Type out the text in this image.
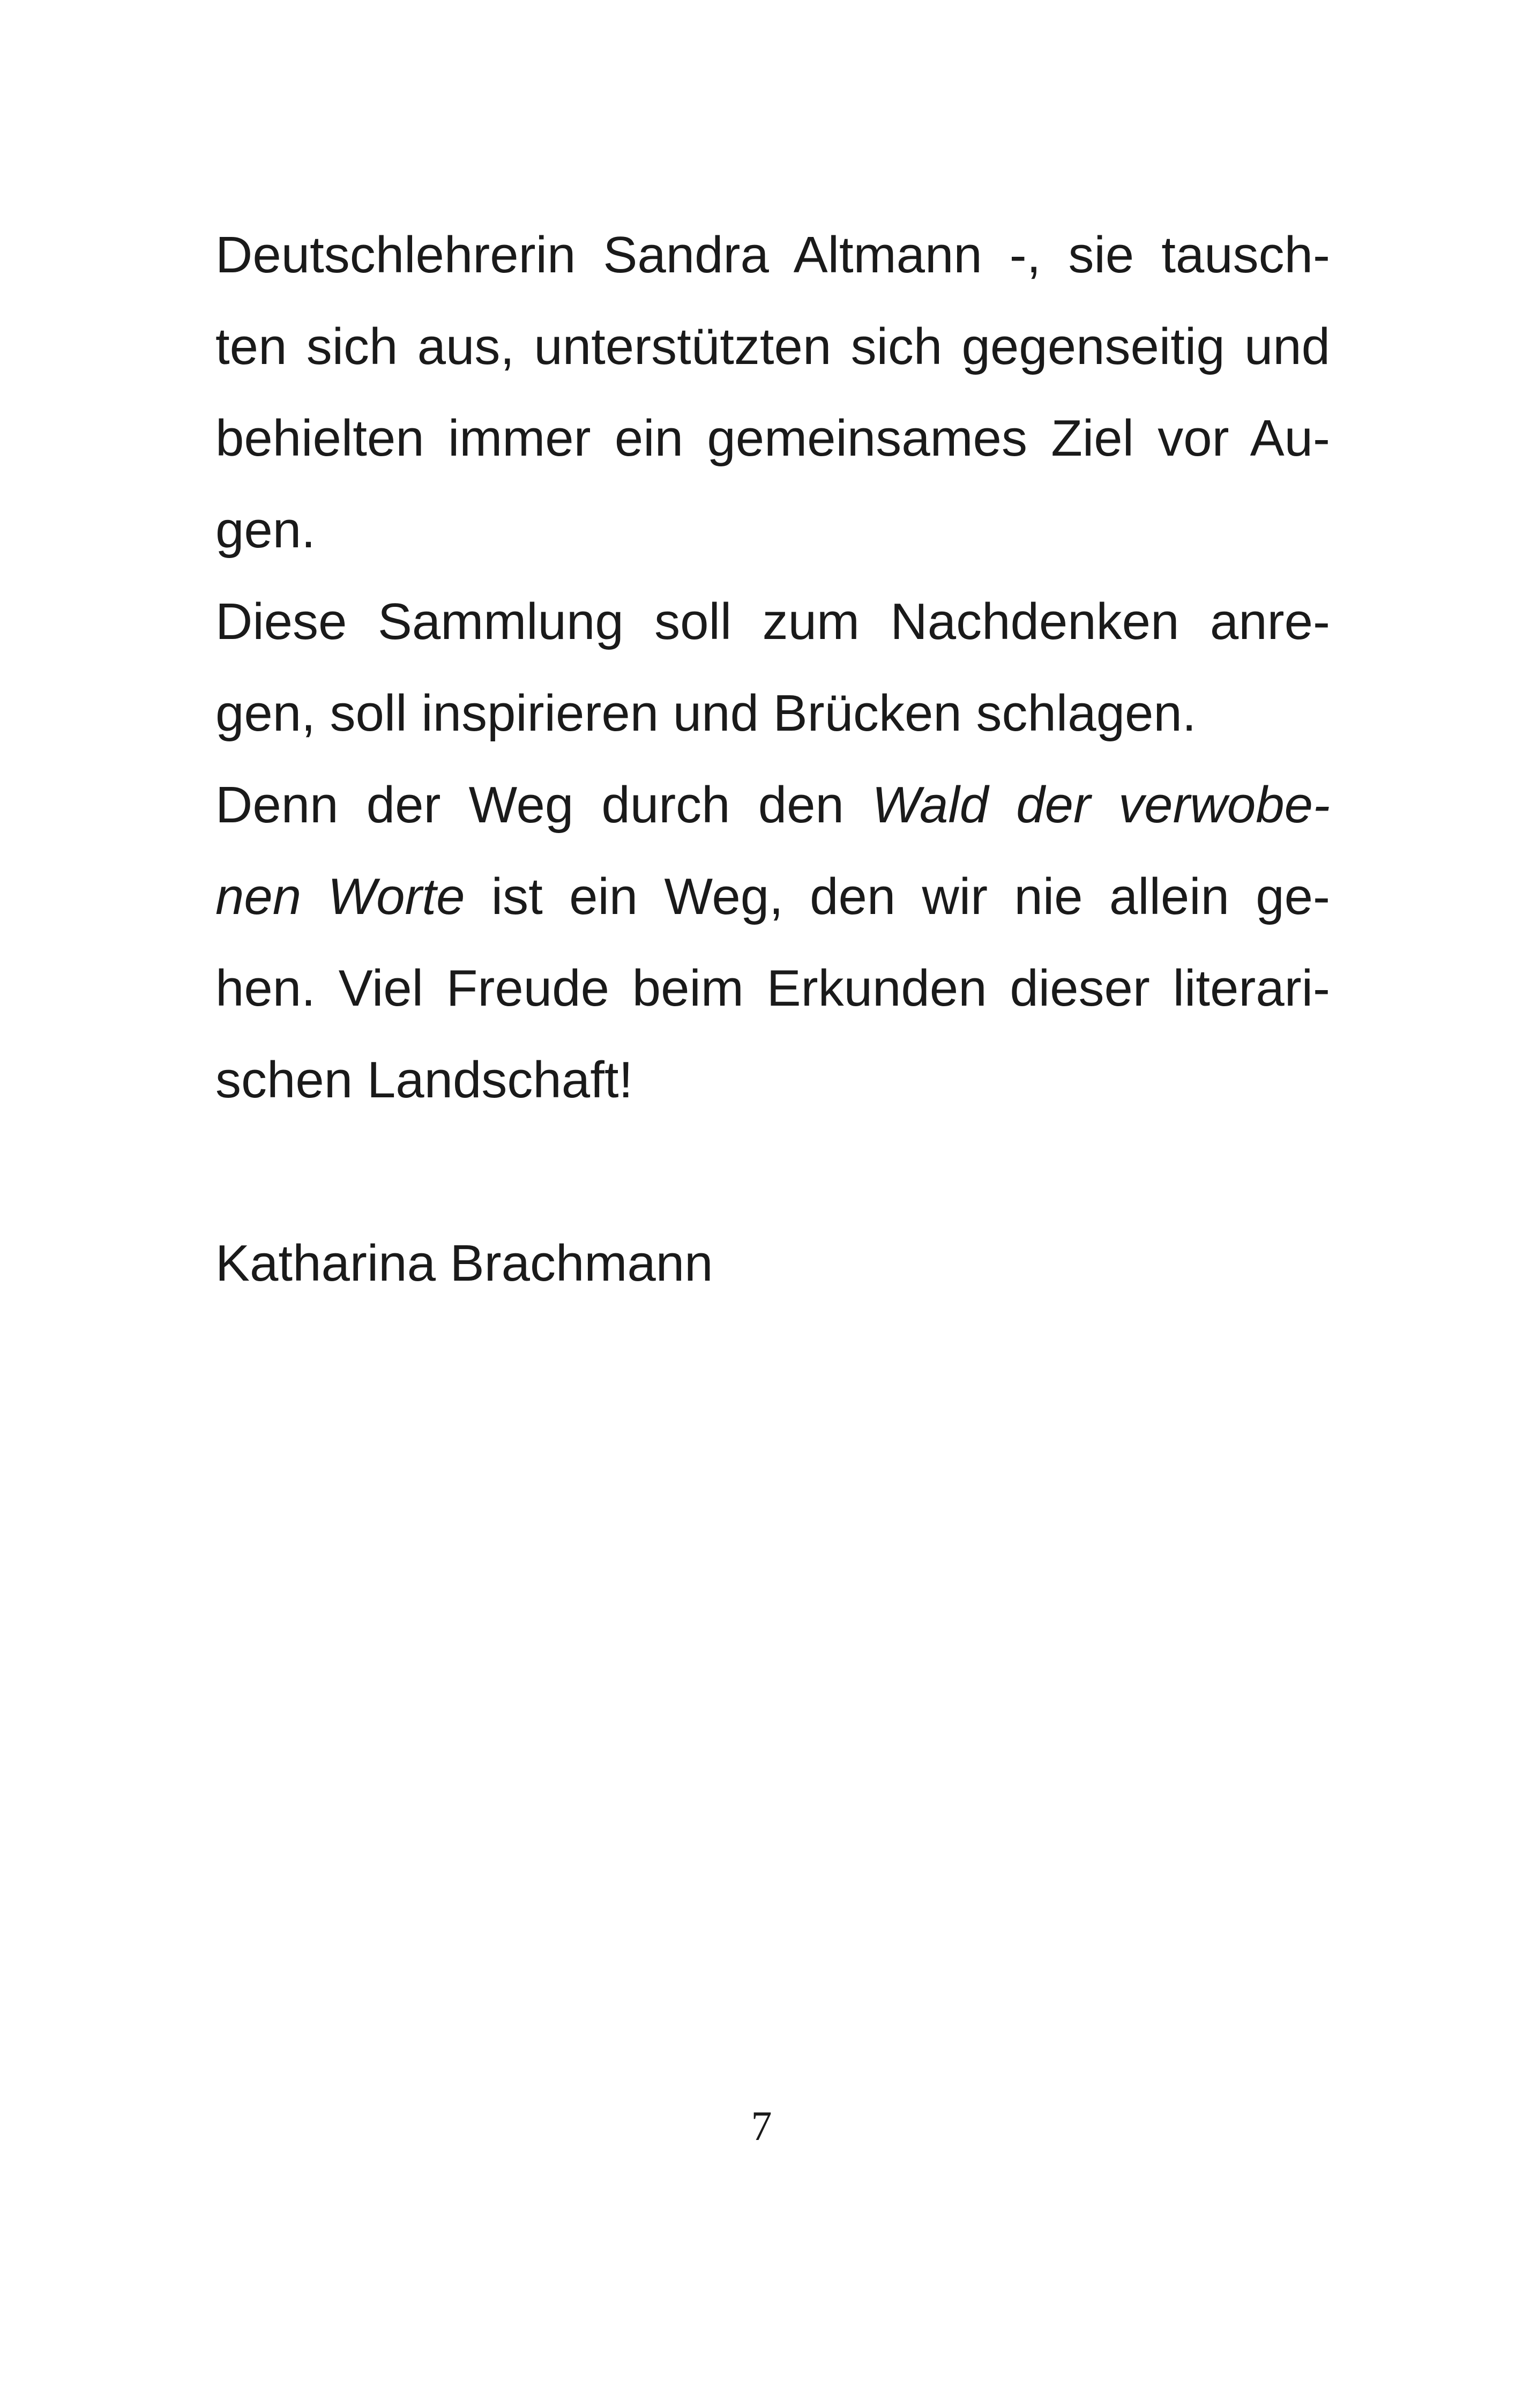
Deutschlehrerin Sandra Altmann -, sie tausch-
ten sich aus, unterstützten sich gegenseitig und
behielten immer ein gemeinsames Ziel vor Au-
gen.
Diese Sammlung soll zum Nachdenken anre-
gen, soll inspirieren und Brücken schlagen.
Denn der Weg durch den Wald der verwobe-
nen Worte ist ein Weg, den wir nie allein ge-
hen. Viel Freude beim Erkunden dieser literari-
schen Landschaft!
Katharina Brachmann
7
